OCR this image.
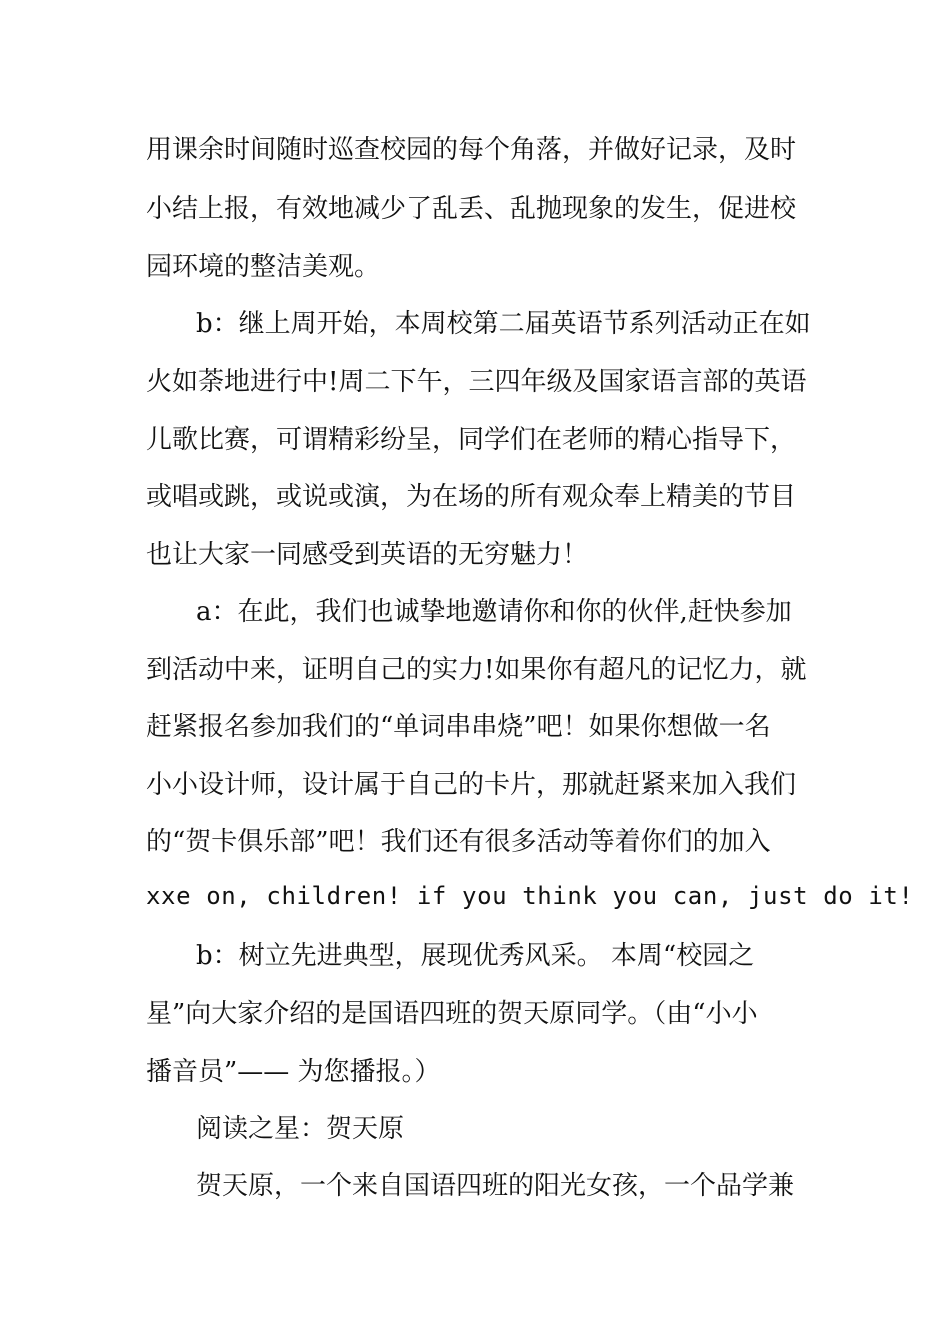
用课余时间随时巡查校园的每个角落，并做好记录，及时
小结上报，有效地减少了乱丢、乱抛现象的发生，促进校
园环境的整洁美观。
b：继上周开始，本周校第二届英语节系列活动正在如
火如荼地进行中!周二下午，三四年级及国家语言部的英语
儿歌比赛，可谓精彩纷呈，同学们在老师的精心指导下，
或唱或跳，或说或演，为在场的所有观众奉上精美的节目
也让大家一同感受到英语的无穷魅力！
a：在此，我们也诚挚地邀请你和你的伙伴,赶快参加
到活动中来，证明自己的实力!如果你有超凡的记忆力，就
赶紧报名参加我们的“单词串串烧”吧！如果你想做一名
小小设计师，设计属于自己的卡片，那就赶紧来加入我们
的“贺卡俱乐部”吧！我们还有很多活动等着你们的加入
xxe on, children! if you think you can, just do it!
b：树立先进典型，展现优秀风采。 本周“校园之
星”向大家介绍的是国语四班的贺天原同学。（由“小小
播音员”—— 为您播报。）
阅读之星：贺天原
贺天原，一个来自国语四班的阳光女孩，一个品学兼
